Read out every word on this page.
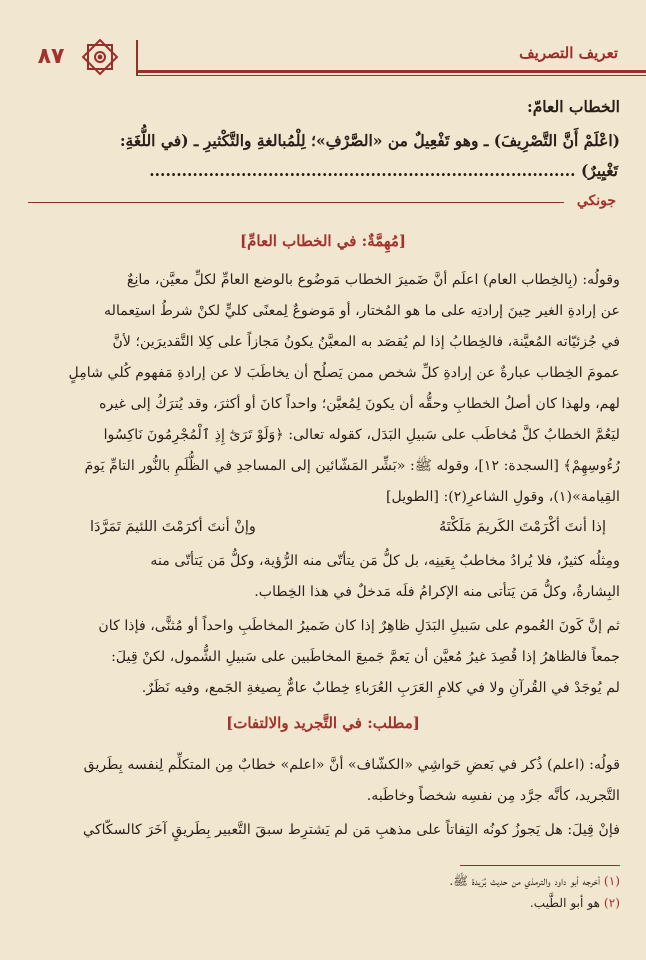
٨٧	تعريف التصريف
الخطاب العامّ:
(اعْلَمْ أَنَّ التَّصْرِيفَ) ـ وهو تَفْعِيلٌ من «الصَّرْفِ»؛ لِلْمُبالغةِ والتَّكْثيرِ ـ (في اللُّغَةِ:
تَغْيِيرٌ) ...............................................................................
جونكي
[مُهِمَّةٌ: في الخطاب العامِّ]
وقولُه: (بِالخِطاب العام) اعلَم أنَّ ضَميرَ الخطاب مَوضُوع بالوضع العامِّ لكلِّ معيَّن، مانِعٌ
عن إرادةِ الغير حِينَ إرادتِه على ما هو المُختار، أو مَوضوعٌ لِمعنًى كليٍّ لكنْ شرطُ استِعماله
في جُزئيّاته المُعيَّنة، فالخِطابُ إذا لم يُقصَد به المعيَّنُ يكونُ مَجازاً على كِلا التَّقديرَين؛ لأنَّ
عمومَ الخِطاب عبارةٌ عن إرادةِ كلِّ شخص ممن يَصلُح أن يخاطَبَ لا عن إرادةِ مَفهوم كُلي شامِلٍ
لهم، ولهذا كان أصلُ الخطابِ وحقُّه أن يكونَ لِمُعيَّن؛ واحداً كانَ أو أكثرَ، وقد يُترَكُ إلى غيره
ليَعُمَّ الخطابُ كلَّ مُخاطَب على سَبيلِ البَدَل، كقوله تعالى: ﴿وَلَوْ تَرَىٰٓ إِذِ ٱلْمُجْرِمُونَ نَاكِسُوا
رُءُوسِهِمْ﴾ [السجدة: ١٢]، وقوله ﷺ: «بَشِّر المَشّائين إلى المساجدِ في الظُّلَمِ بالنُّور التامِّ يَومَ
القِيامة»(١)، وقولِ الشاعرِ(٢): [الطويل]
إذا أنتَ أكْرَمْتَ الكَريمَ مَلَكْتَهُ
وإنْ أنتَ أكرَمْتَ اللئيمَ تَمَرَّدَا
ومِثلُه كثيرٌ، فلا يُرادُ مخاطبٌ بِعَينِه، بل كلُّ مَن يتأتّى منه الرُّؤية، وكلُّ مَن يَتأتّى منه
البِشارةُ، وكلُّ مَن يَتأتى منه الإكرامُ فلَه مَدخلٌ في هذا الخِطاب.
ثم إنَّ كَونَ العُموم على سَبيلِ البَدَلِ ظاهِرٌ إذا كان ضَميرُ المخاطَبِ واحداً أو مُثنًّى، فإذا كان
جمعاً فالظاهرُ إذا قُصِدَ غيرُ مُعيَّن أن يَعمَّ جَميعَ المخاطَبين على سَبيلِ الشُّمول، لكنْ قِيلَ:
لم يُوجَدْ في القُرآنِ ولا في كلامِ العَرَبِ العُرَباءِ خِطابٌ عامٌّ بِصيغةِ الجَمع، وفيه نَظَرٌ.
[مطلب: في التَّجريد والالتفات]
قولُه: (اعلم) ذُكر في بَعضِ حَواشِي «الكشّاف» أنَّ «اعلم» خطابٌ مِن المتكلِّم لِنفسه بِطَريق
التَّجريد، كأنَّه جرَّد مِن نفسِه شخصاً وخاطَبه.
فإنْ قِيلَ: هل يَجوزُ كونُه التِفاتاً على مذهبِ مَن لم يَشترِط سبقَ التَّعبير بِطَريقٍ آخَرَ كالسكّاكي
(١) أخرجه أبو داود والترمذي من حديث بُرَيدة ﷺ.
(٢) هو أبو الطَّيب.
